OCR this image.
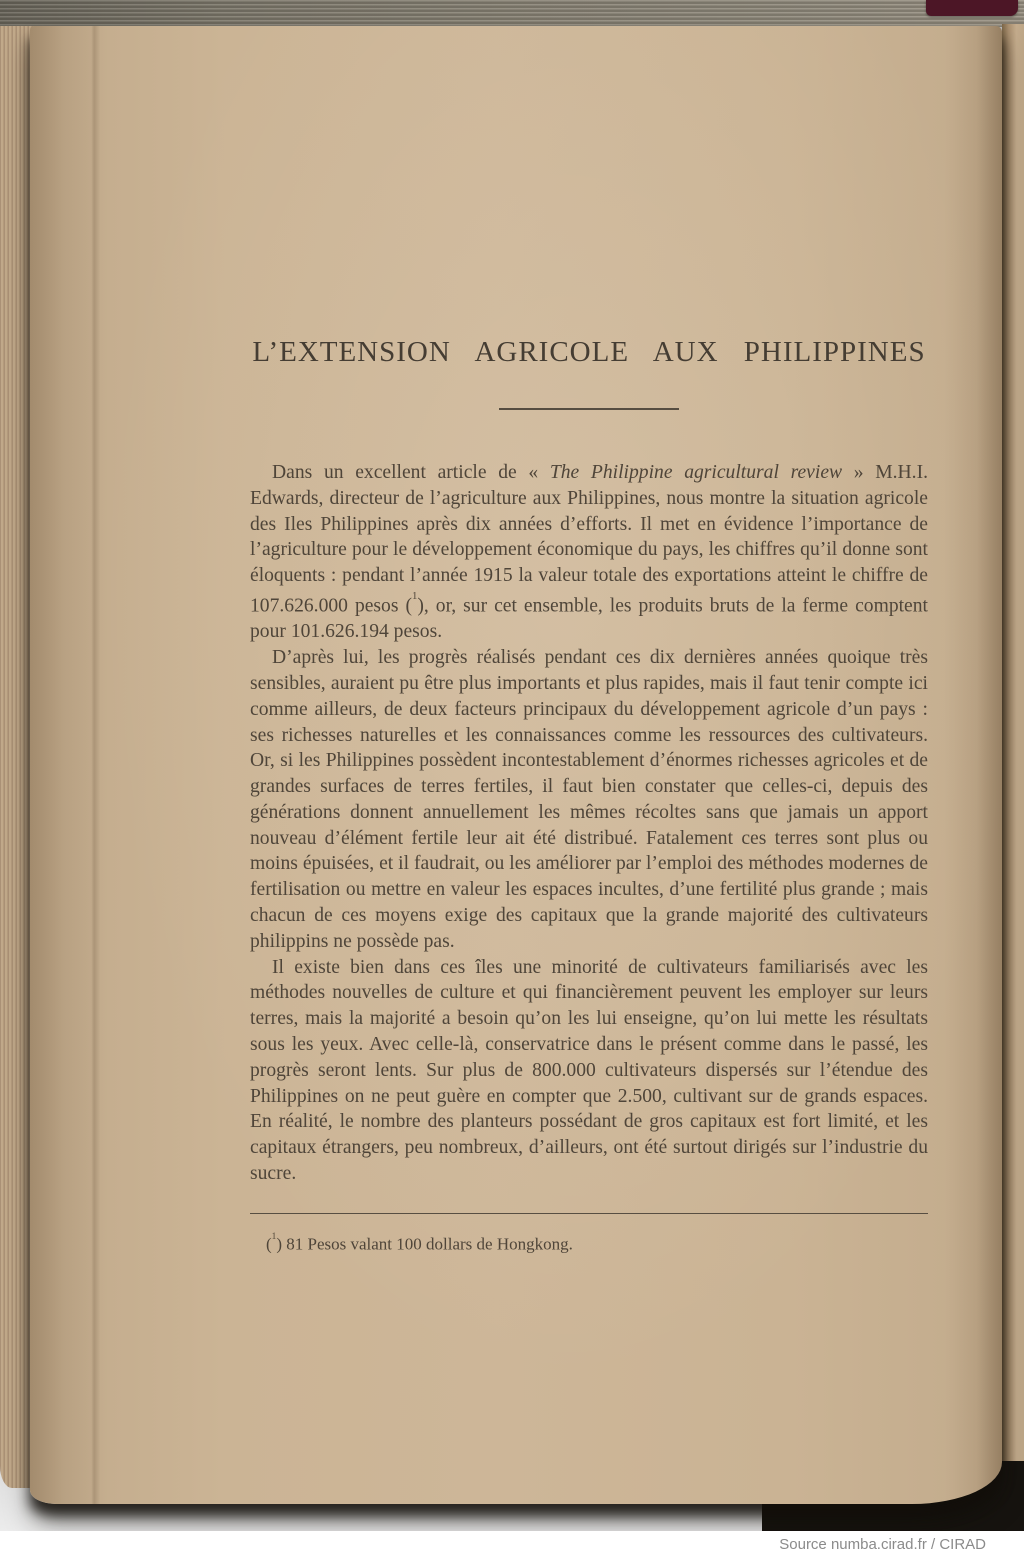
L’EXTENSION AGRICOLE AUX PHILIPPINES

Dans un excellent article de « The Philippine agricultural review » M.H.I. Edwards, directeur de l’agriculture aux Philippines, nous montre la situation agricole des Iles Philippines après dix années d’efforts. Il met en évidence l’importance de l’agriculture pour le développement économique du pays, les chiffres qu’il donne sont éloquents : pendant l’année 1915 la valeur totale des exportations atteint le chiffre de 107.626.000 pesos ($^1$), or, sur cet ensemble, les produits bruts de la ferme comptent pour 101.626.194 pesos.

D’après lui, les progrès réalisés pendant ces dix dernières années quoique très sensibles, auraient pu être plus importants et plus rapides, mais il faut tenir compte ici comme ailleurs, de deux facteurs principaux du développement agricole d’un pays : ses richesses naturelles et les connaissances comme les ressources des cultivateurs. Or, si les Philippines possèdent incontestablement d’énormes richesses agricoles et de grandes surfaces de terres fertiles, il faut bien constater que celles-ci, depuis des générations donnent annuellement les mêmes récoltes sans que jamais un apport nouveau d’élément fertile leur ait été distribué. Fatalement ces terres sont plus ou moins épuisées, et il faudrait, ou les améliorer par l’emploi des méthodes modernes de fertilisation ou mettre en valeur les espaces incultes, d’une fertilité plus grande ; mais chacun de ces moyens exige des capitaux que la grande majorité des cultivateurs philippins ne possède pas.

Il existe bien dans ces îles une minorité de cultivateurs familiarisés avec les méthodes nouvelles de culture et qui financièrement peuvent les employer sur leurs terres, mais la majorité a besoin qu’on les lui enseigne, qu’on lui mette les résultats sous les yeux. Avec celle-là, conservatrice dans le présent comme dans le passé, les progrès seront lents. Sur plus de 800.000 cultivateurs dispersés sur l’étendue des Philippines on ne peut guère en compter que 2.500, cultivant sur de grands espaces. En réalité, le nombre des planteurs possédant de gros capitaux est fort limité, et les capitaux étrangers, peu nombreux, d’ailleurs, ont été surtout dirigés sur l’industrie du sucre.

($^1$) 81 Pesos valant 100 dollars de Hongkong.

Source numba.cirad.fr / CIRAD
